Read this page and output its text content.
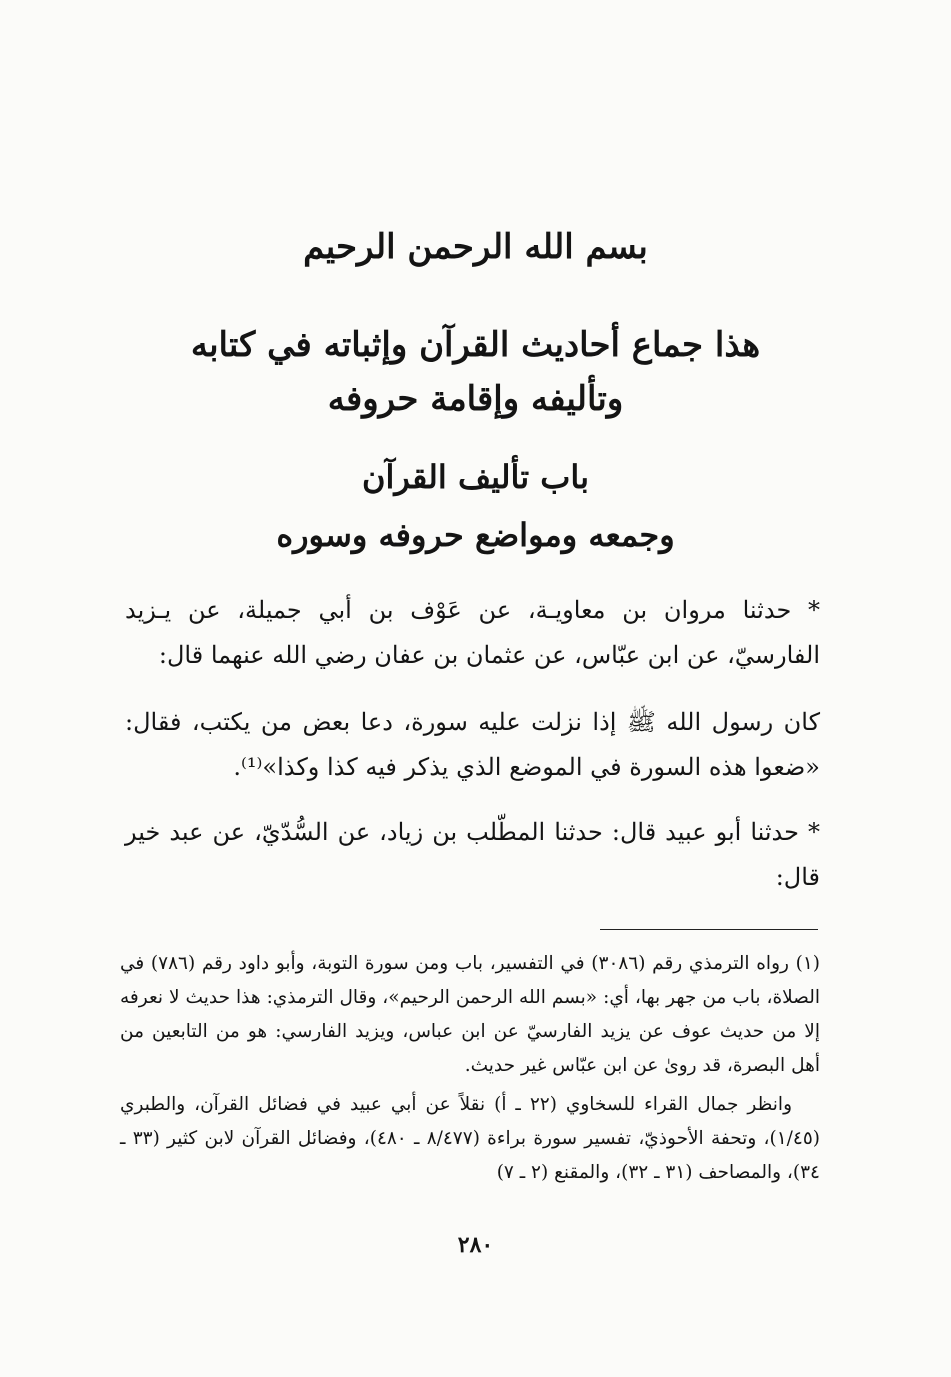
بسم الله الرحمن الرحيم
هذا جماع أحاديث القرآن وإثباته في كتابه
وتأليفه وإقامة حروفه
باب تأليف القرآن
وجمعه ومواضع حروفه وسوره

* حدثنا مروان بن معاويـة، عن عَوْف بن أبي جميلة، عن يـزيد الفارسيّ، عن ابن عبّاس، عن عثمان بن عفان رضي الله عنهما قال:

كان رسول الله ﷺ إذا نزلت عليه سورة، دعا بعض من يكتب، فقال: «ضعوا هذه السورة في الموضع الذي يذكر فيه كذا وكذا»⁽¹⁾.

* حدثنا أبو عبيد قال: حدثنا المطّلب بن زياد، عن السُّدّيّ، عن عبد خير قال:

(١) رواه الترمذي رقم (٣٠٨٦) في التفسير، باب ومن سورة التوبة، وأبو داود رقم (٧٨٦) في الصلاة، باب من جهر بها، أي: «بسم الله الرحمن الرحيم»، وقال الترمذي: هذا حديث لا نعرفه إلا من حديث عوف عن يزيد الفارسيّ عن ابن عباس، ويزيد الفارسي: هو من التابعين من أهل البصرة، قد روىٰ عن ابن عبّاس غير حديث.
وانظر جمال القراء للسخاوي (٢٢ ـ أ) نقلاً عن أبي عبيد في فضائل القرآن، والطبري (١/٤٥)، وتحفة الأحوذيّ، تفسير سورة براءة (٨/٤٧٧ ـ ٤٨٠)، وفضائل القرآن لابن كثير (٣٣ ـ ٣٤)، والمصاحف (٣١ ـ ٣٢)، والمقنع (٢ ـ ٧)
٢٨٠
